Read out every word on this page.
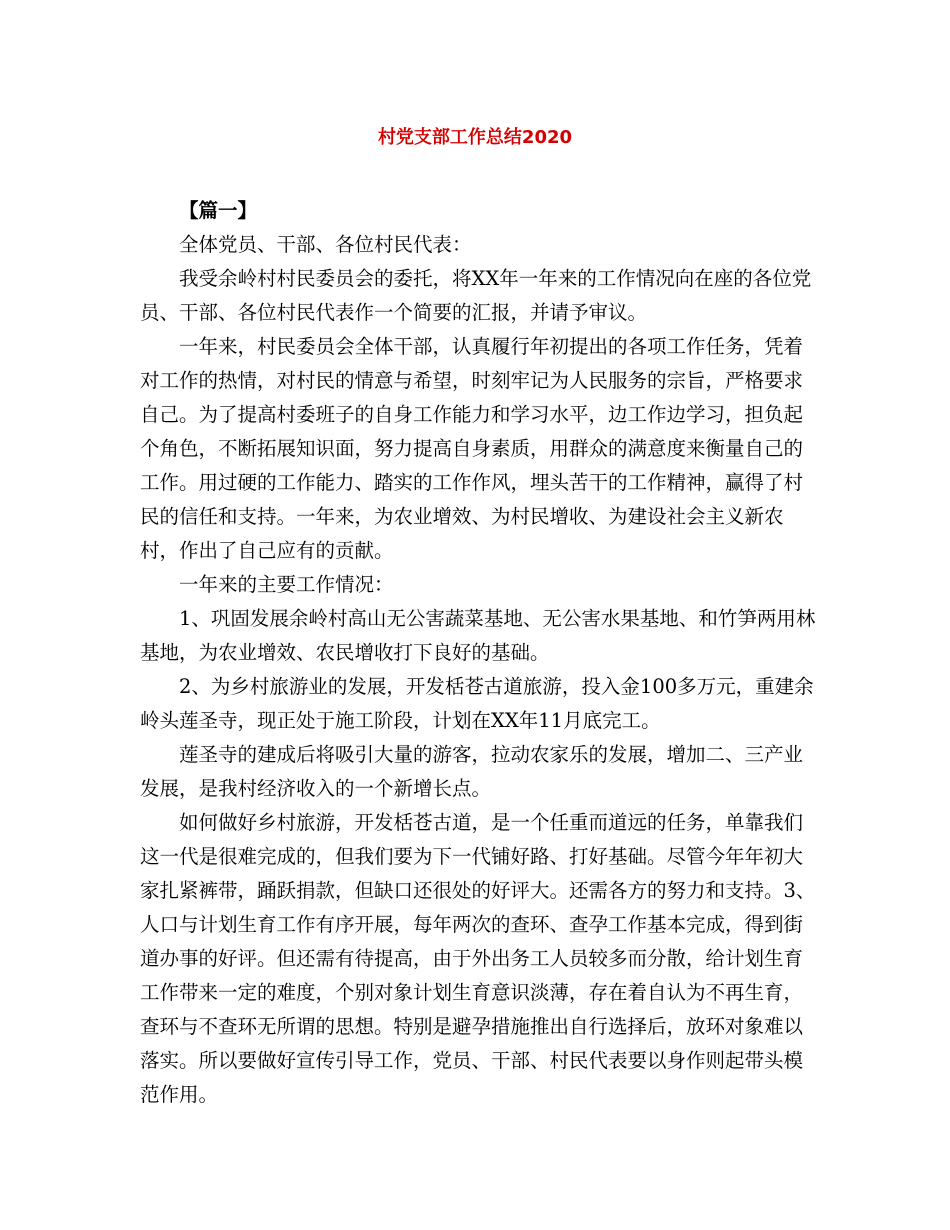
村党支部工作总结2020

【篇一】

全体党员、干部、各位村民代表：

我受余岭村村民委员会的委托，将XX年一年来的工作情况向在座的各位党员、干部、各位村民代表作一个简要的汇报，并请予审议。

一年来，村民委员会全体干部，认真履行年初提出的各项工作任务，凭着对工作的热情，对村民的情意与希望，时刻牢记为人民服务的宗旨，严格要求自己。为了提高村委班子的自身工作能力和学习水平，边工作边学习，担负起个角色，不断拓展知识面，努力提高自身素质，用群众的满意度来衡量自己的工作。用过硬的工作能力、踏实的工作作风，埋头苦干的工作精神，赢得了村民的信任和支持。一年来，为农业增效、为村民增收、为建设社会主义新农村，作出了自己应有的贡献。

一年来的主要工作情况：

1、巩固发展余岭村高山无公害蔬菜基地、无公害水果基地、和竹笋两用林基地，为农业增效、农民增收打下良好的基础。

2、为乡村旅游业的发展，开发栝苍古道旅游，投入金100多万元，重建余岭头莲圣寺，现正处于施工阶段，计划在XX年11月底完工。

莲圣寺的建成后将吸引大量的游客，拉动农家乐的发展，增加二、三产业发展，是我村经济收入的一个新增长点。

如何做好乡村旅游，开发栝苍古道，是一个任重而道远的任务，单靠我们这一代是很难完成的，但我们要为下一代铺好路、打好基础。尽管今年年初大家扎紧裤带，踊跃捐款，但缺口还很处的好评大。还需各方的努力和支持。3、人口与计划生育工作有序开展，每年两次的查环、查孕工作基本完成，得到街道办事的好评。但还需有待提高，由于外出务工人员较多而分散，给计划生育工作带来一定的难度，个别对象计划生育意识淡薄，存在着自认为不再生育，查环与不查环无所谓的思想。特别是避孕措施推出自行选择后，放环对象难以落实。所以要做好宣传引导工作，党员、干部、村民代表要以身作则起带头模范作用。
